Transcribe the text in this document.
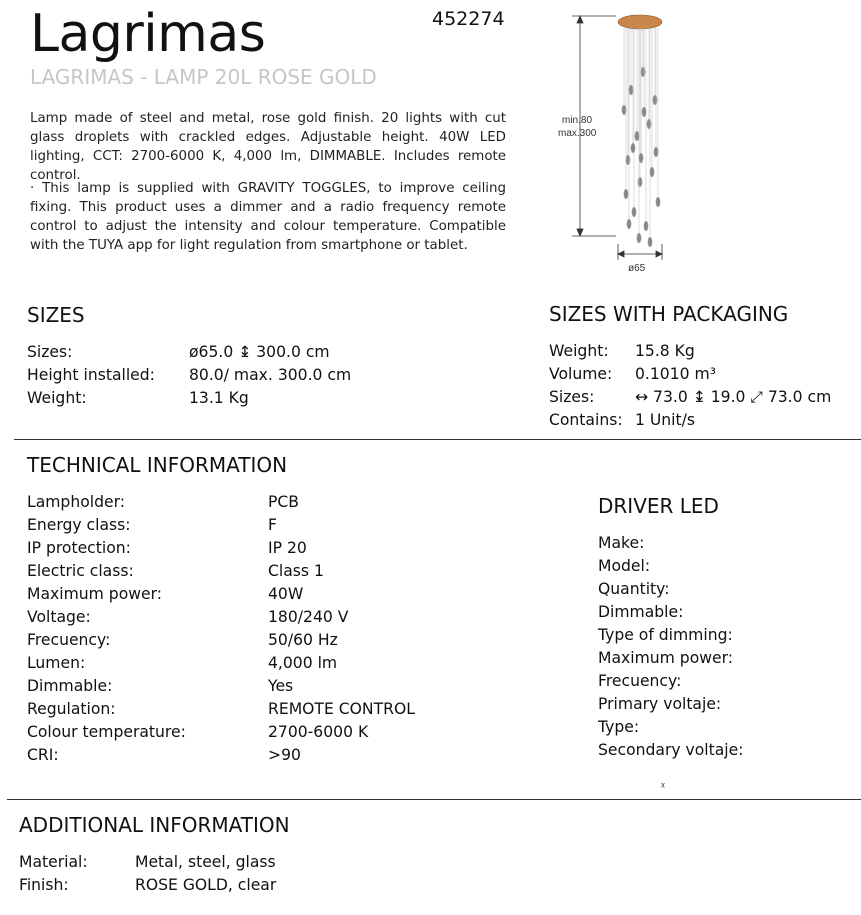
Lagrimas	452274
LAGRIMAS - LAMP 20L ROSE GOLD
Lamp made of steel and metal, rose gold finish. 20 lights with cut glass droplets with crackled edges. Adjustable height. 40W LED lighting, CCT: 2700-6000 K, 4,000 lm, DIMMABLE. Includes remote control.
· This lamp is supplied with GRAVITY TOGGLES, to improve ceiling fixing. This product uses a dimmer and a radio frequency remote control to adjust the intensity and colour temperature. Compatible with the TUYA app for light regulation from smartphone or tablet.
min.80
max.300
ø65
SIZES
Sizes:	ø65.0 ↨ 300.0 cm
Height installed:	80.0/ max. 300.0 cm
Weight:	13.1 Kg
SIZES WITH PACKAGING
Weight:	15.8 Kg
Volume:	0.1010 m³
Sizes:	↔ 73.0 ↨ 19.0 ⤢ 73.0 cm
Contains: 1 Unit/s
TECHNICAL INFORMATION
Lampholder:	PCB
Energy class:	F
IP protection:	IP 20
Electric class:	Class 1
Maximum power:	40W
Voltage:	180/240 V
Frecuency:	50/60 Hz
Lumen:	4,000 lm
Dimmable:	Yes
Regulation:	REMOTE CONTROL
Colour temperature:	2700-6000 K
CRI:	>90
DRIVER LED
Make:
Model:
Quantity:
Dimmable:
Type of dimming:
Maximum power:
Frecuency:
Primary voltaje:
Type:
Secondary voltaje:
ᵡ
ADDITIONAL INFORMATION
Material:	Metal, steel, glass
Finish:	ROSE GOLD, clear
